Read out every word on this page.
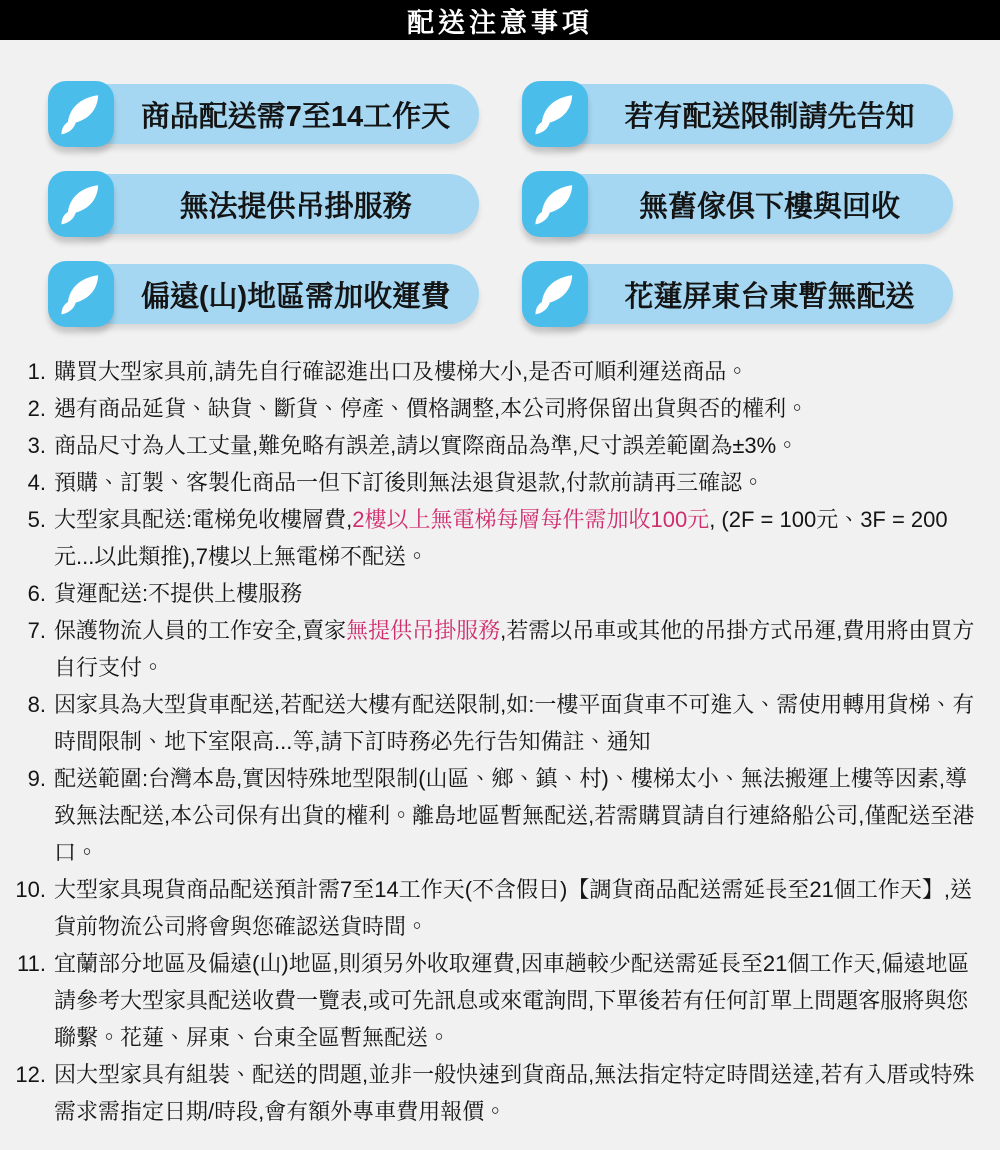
配送注意事項
商品配送需7至14工作天	若有配送限制請先告知
無法提供吊掛服務	無舊傢俱下樓與回收
偏遠(山)地區需加收運費	花蓮屏東台東暫無配送
1. 購買大型家具前,請先自行確認進出口及樓梯大小,是否可順利運送商品。
2. 遇有商品延貨、缺貨、斷貨、停產、價格調整,本公司將保留出貨與否的權利。
3. 商品尺寸為人工丈量,難免略有誤差,請以實際商品為準,尺寸誤差範圍為±3%。
4. 預購、訂製、客製化商品一但下訂後則無法退貨退款,付款前請再三確認。
5. 大型家具配送:電梯免收樓層費,2樓以上無電梯每層每件需加收100元, (2F = 100元、3F = 200元...以此類推),7樓以上無電梯不配送。
6. 貨運配送:不提供上樓服務
7. 保護物流人員的工作安全,賣家無提供吊掛服務,若需以吊車或其他的吊掛方式吊運,費用將由買方自行支付。
8. 因家具為大型貨車配送,若配送大樓有配送限制,如:一樓平面貨車不可進入、需使用轉用貨梯、有時間限制、地下室限高...等,請下訂時務必先行告知備註、通知
9. 配送範圍:台灣本島,實因特殊地型限制(山區、鄉、鎮、村)、樓梯太小、無法搬運上樓等因素,導致無法配送,本公司保有出貨的權利。離島地區暫無配送,若需購買請自行連絡船公司,僅配送至港口。
10. 大型家具現貨商品配送預計需7至14工作天(不含假日)【調貨商品配送需延長至21個工作天】,送貨前物流公司將會與您確認送貨時間。
11. 宜蘭部分地區及偏遠(山)地區,則須另外收取運費,因車趟較少配送需延長至21個工作天,偏遠地區請參考大型家具配送收費一覽表,或可先訊息或來電詢問,下單後若有任何訂單上問題客服將與您聯繫。花蓮、屏東、台東全區暫無配送。
12. 因大型家具有組裝、配送的問題,並非一般快速到貨商品,無法指定特定時間送達,若有入厝或特殊需求需指定日期/時段,會有額外專車費用報價。
